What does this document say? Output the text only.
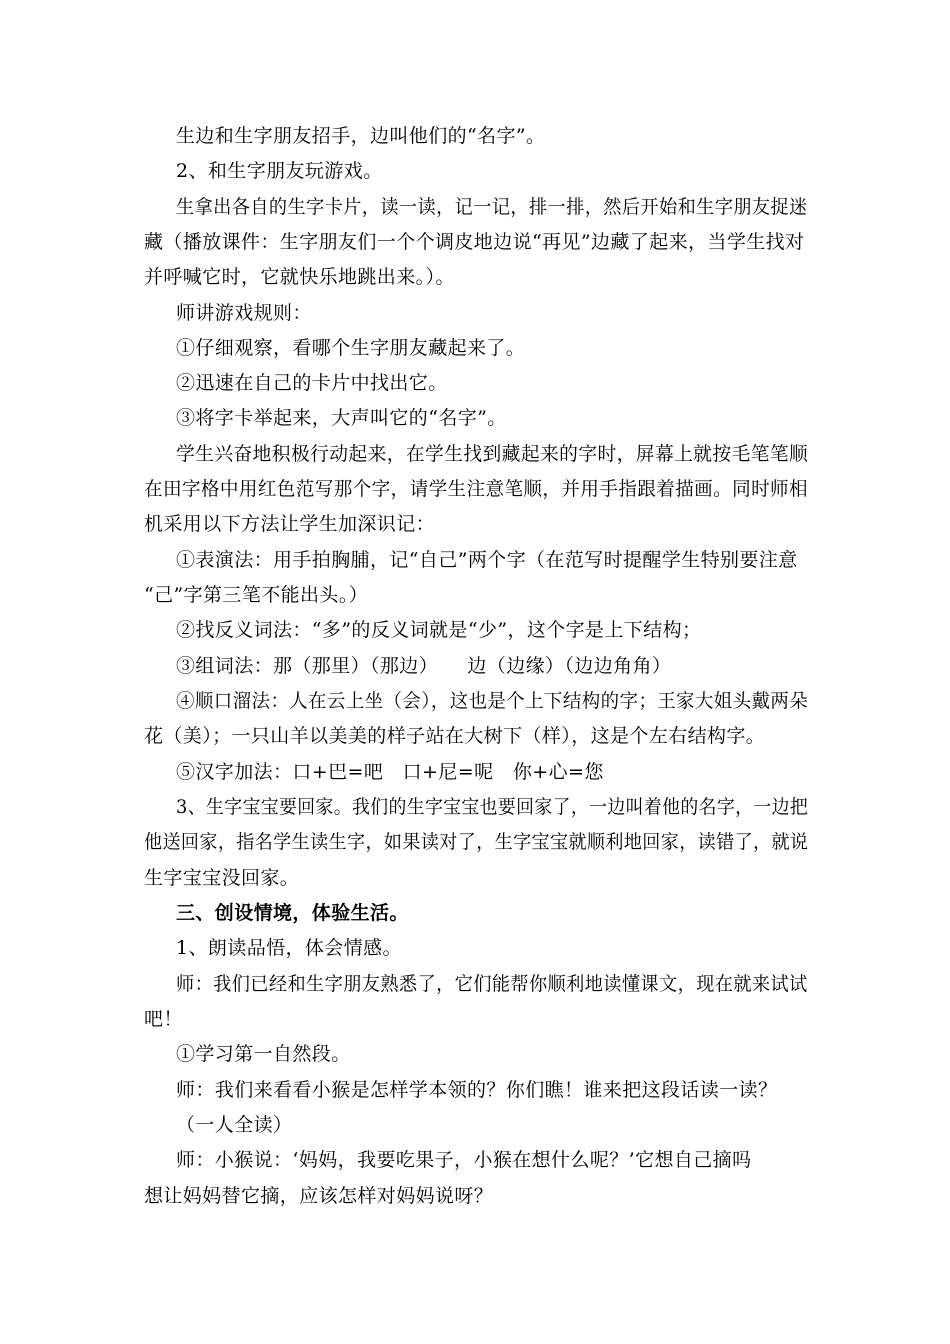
生边和生字朋友招手，边叫他们的“名字”。
2、和生字朋友玩游戏。
生拿出各自的生字卡片，读一读，记一记，排一排，然后开始和生字朋友捉迷
藏（播放课件：生字朋友们一个个调皮地边说“再见”边藏了起来，当学生找对
并呼喊它时，它就快乐地跳出来。）。
师讲游戏规则：
①仔细观察，看哪个生字朋友藏起来了。
②迅速在自己的卡片中找出它。
③将字卡举起来，大声叫它的“名字”。
学生兴奋地积极行动起来，在学生找到藏起来的字时，屏幕上就按毛笔笔顺
在田字格中用红色范写那个字，请学生注意笔顺，并用手指跟着描画。同时师相
机采用以下方法让学生加深识记：
①表演法：用手拍胸脯，记“自己”两个字（在范写时提醒学生特别要注意
“己”字第三笔不能出头。）
②找反义词法：“多”的反义词就是“少”，这个字是上下结构；
③组词法：那（那里）（那边）　　边（边缘）（边边角角）
④顺口溜法：人在云上坐（会），这也是个上下结构的字；王家大姐头戴两朵
花（美）；一只山羊以美美的样子站在大树下（样），这是个左右结构字。
⑤汉字加法：口+巴=吧　口+尼=呢　你+心=您
3、生字宝宝要回家。我们的生字宝宝也要回家了，一边叫着他的名字，一边把
他送回家，指名学生读生字，如果读对了，生字宝宝就顺利地回家，读错了，就说
生字宝宝没回家。
三、创设情境，体验生活。
1、朗读品悟，体会情感。
师：我们已经和生字朋友熟悉了，它们能帮你顺利地读懂课文，现在就来试试
吧！
①学习第一自然段。
师：我们来看看小猴是怎样学本领的？你们瞧！谁来把这段话读一读？
（一人全读）
师：小猴说：‘妈妈，我要吃果子，小猴在想什么呢？’它想自己摘吗
想让妈妈替它摘，应该怎样对妈妈说呀？
